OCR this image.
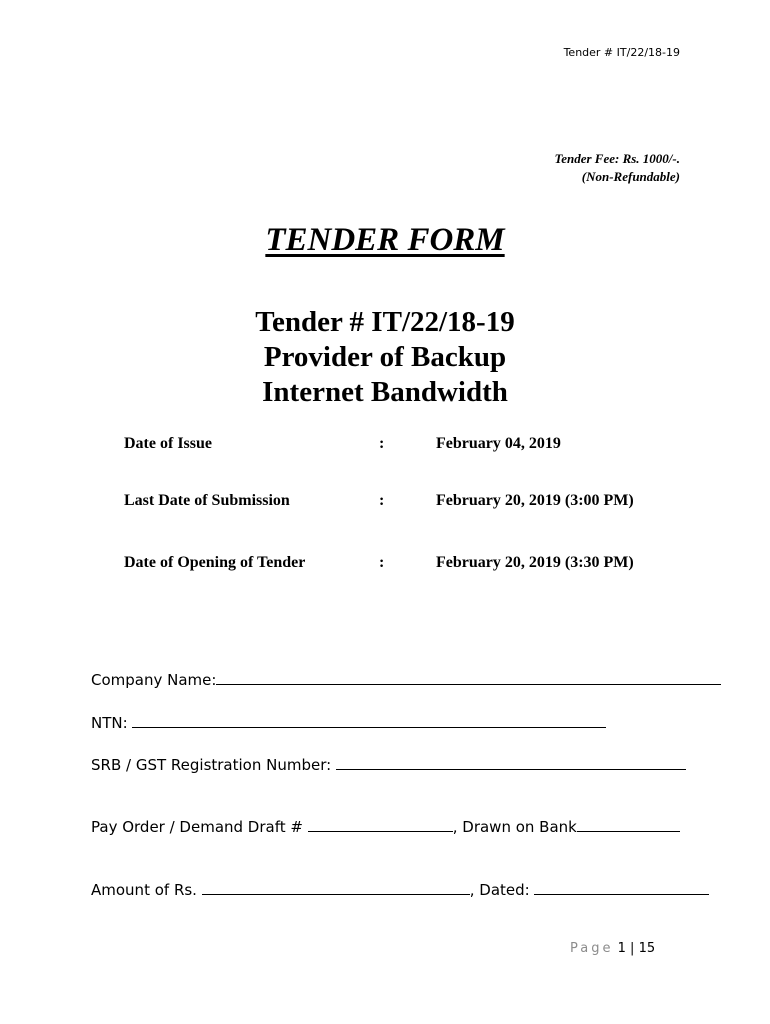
Tender # IT/22/18-19
Tender Fee: Rs. 1000/-.
(Non-Refundable)
TENDER FORM
Tender # IT/22/18-19
Provider of Backup
Internet Bandwidth
Date of Issue	:	February 04, 2019
Last Date of Submission	:	February 20, 2019 (3:00 PM)
Date of Opening of Tender	:	February 20, 2019 (3:30 PM)
Company Name:
NTN:
SRB / GST Registration Number:
Pay Order / Demand Draft #	, Drawn on Bank
Amount of Rs.	, Dated:
Page 1 | 15
